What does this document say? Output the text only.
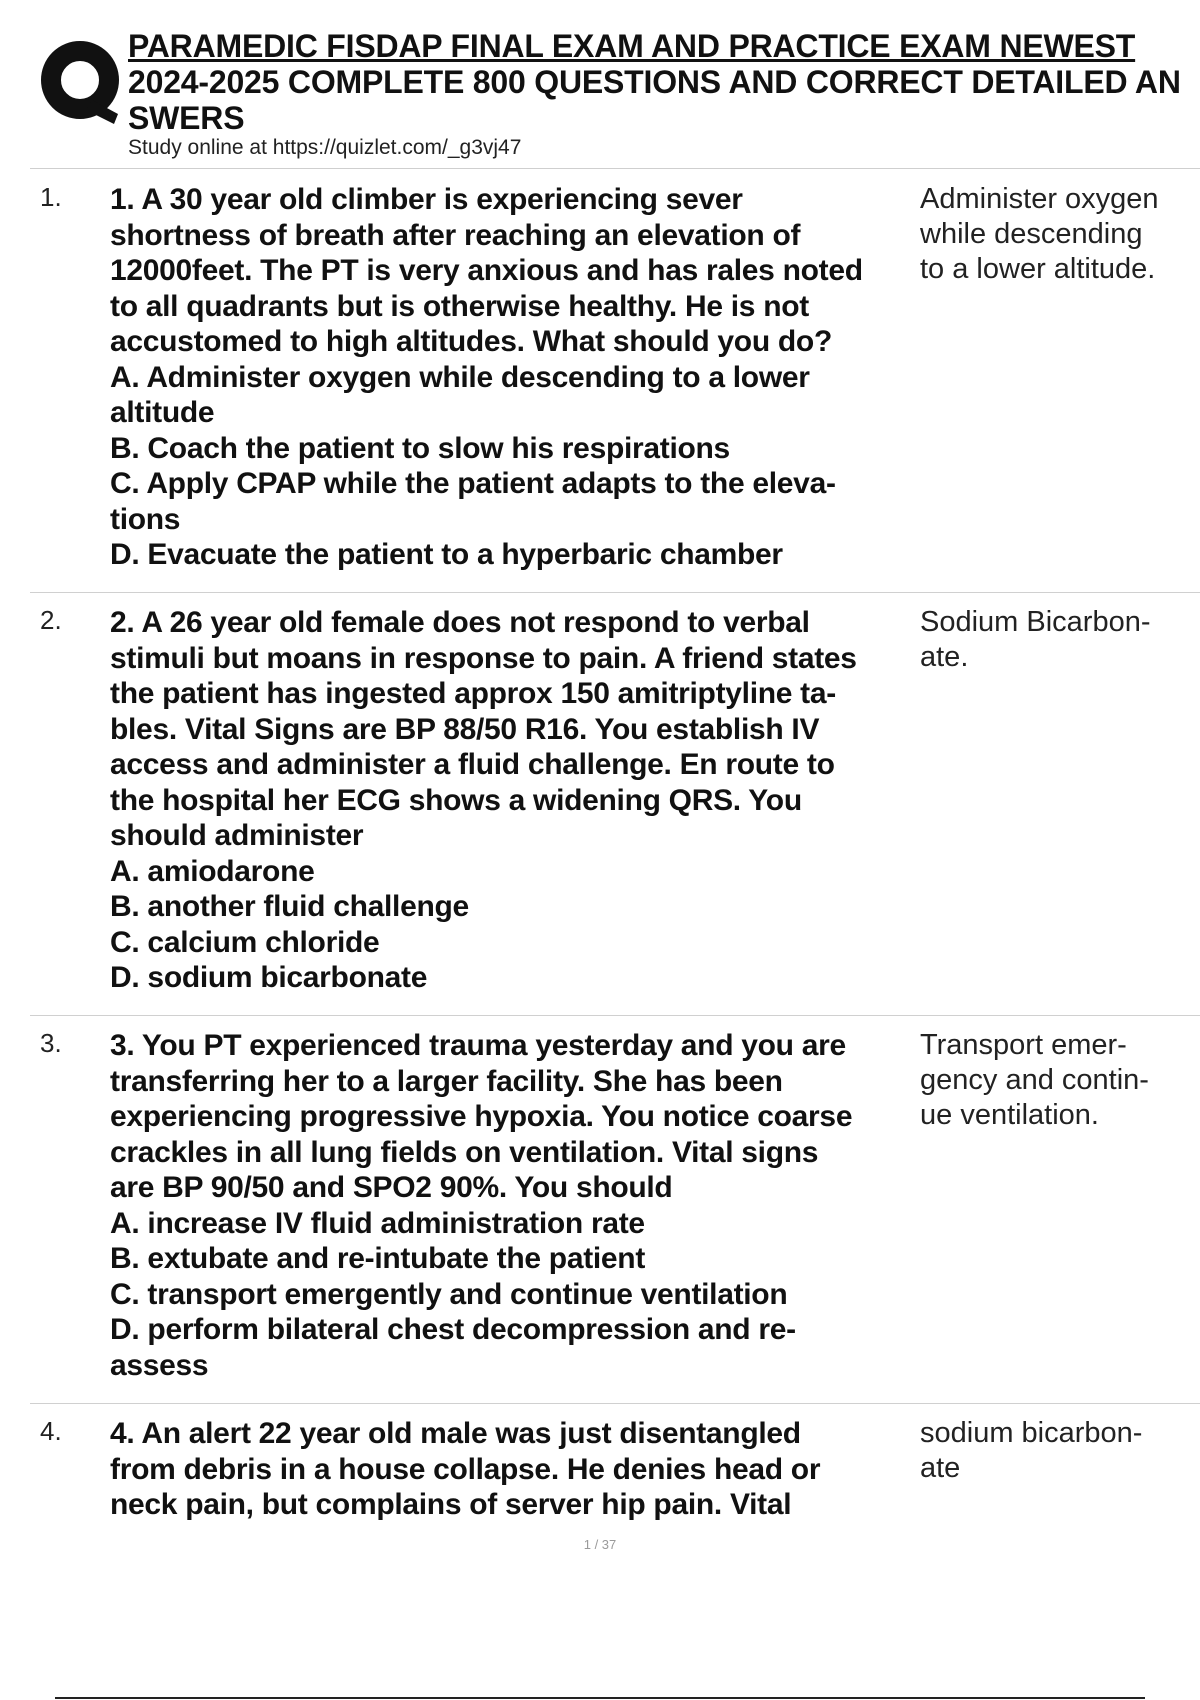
PARAMEDIC FISDAP FINAL EXAM AND PRACTICE EXAM NEWEST
2024-2025 COMPLETE 800 QUESTIONS AND CORRECT DETAILED AN
SWERS
Study online at https://quizlet.com/_g3vj47
1. 1. A 30 year old climber is experiencing sever
shortness of breath after reaching an elevation of
12000feet. The PT is very anxious and has rales noted
to all quadrants but is otherwise healthy. He is not
accustomed to high altitudes. What should you do?
A. Administer oxygen while descending to a lower
altitude
B. Coach the patient to slow his respirations
C. Apply CPAP while the patient adapts to the eleva-
tions
D. Evacuate the patient to a hyperbaric chamber
Administer oxygen
while descending
to a lower altitude.
2. 2. A 26 year old female does not respond to verbal
stimuli but moans in response to pain. A friend states
the patient has ingested approx 150 amitriptyline ta-
bles. Vital Signs are BP 88/50 R16. You establish IV
access and administer a fluid challenge. En route to
the hospital her ECG shows a widening QRS. You
should administer
A. amiodarone
B. another fluid challenge
C. calcium chloride
D. sodium bicarbonate
Sodium Bicarbon-
ate.
3. 3. You PT experienced trauma yesterday and you are
transferring her to a larger facility. She has been
experiencing progressive hypoxia. You notice coarse
crackles in all lung fields on ventilation. Vital signs
are BP 90/50 and SPO2 90%. You should
A. increase IV fluid administration rate
B. extubate and re-intubate the patient
C. transport emergently and continue ventilation
D. perform bilateral chest decompression and re-
assess
Transport emer-
gency and contin-
ue ventilation.
4. 4. An alert 22 year old male was just disentangled
from debris in a house collapse. He denies head or
neck pain, but complains of server hip pain. Vital
sodium bicarbon-
ate
1 / 37
